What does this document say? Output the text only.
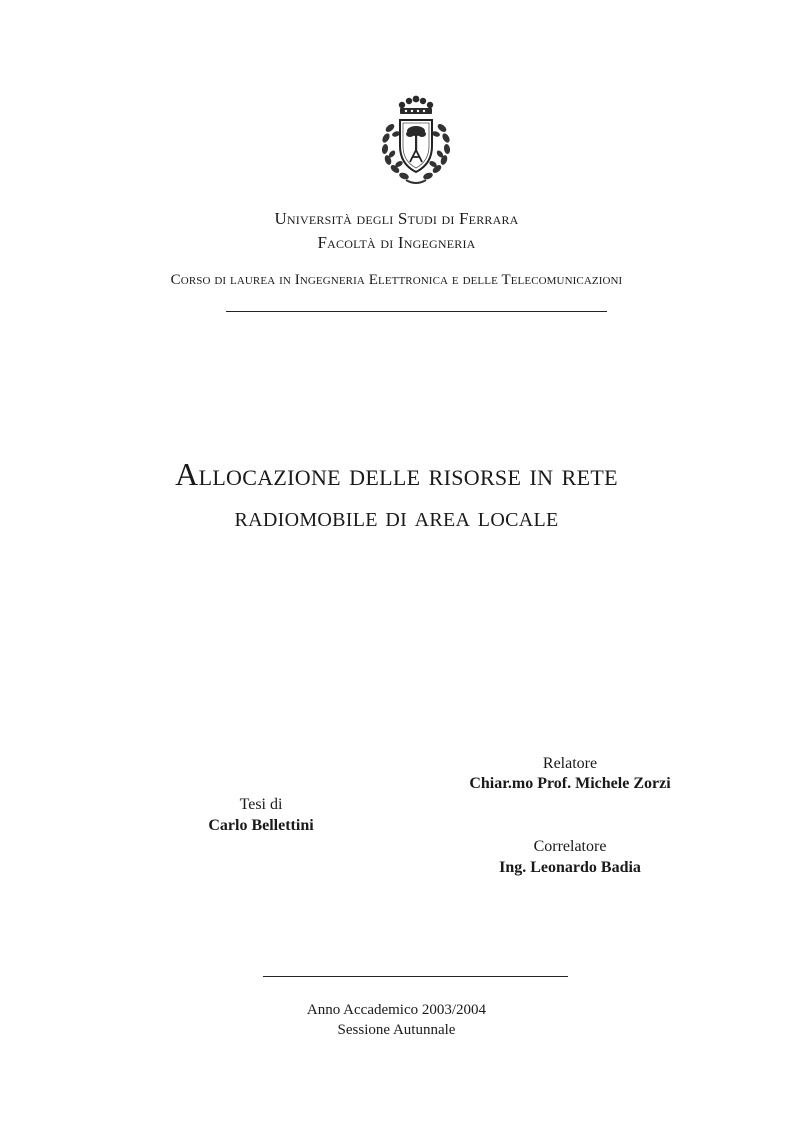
Università degli Studi di Ferrara
Facoltà di Ingegneria
Corso di laurea in Ingegneria Elettronica e delle Telecomunicazioni
Allocazione delle risorse in rete
radiomobile di area locale
Relatore
Chiar.mo Prof. Michele Zorzi
Tesi di
Carlo Bellettini
Correlatore
Ing. Leonardo Badia
Anno Accademico 2003/2004
Sessione Autunnale
